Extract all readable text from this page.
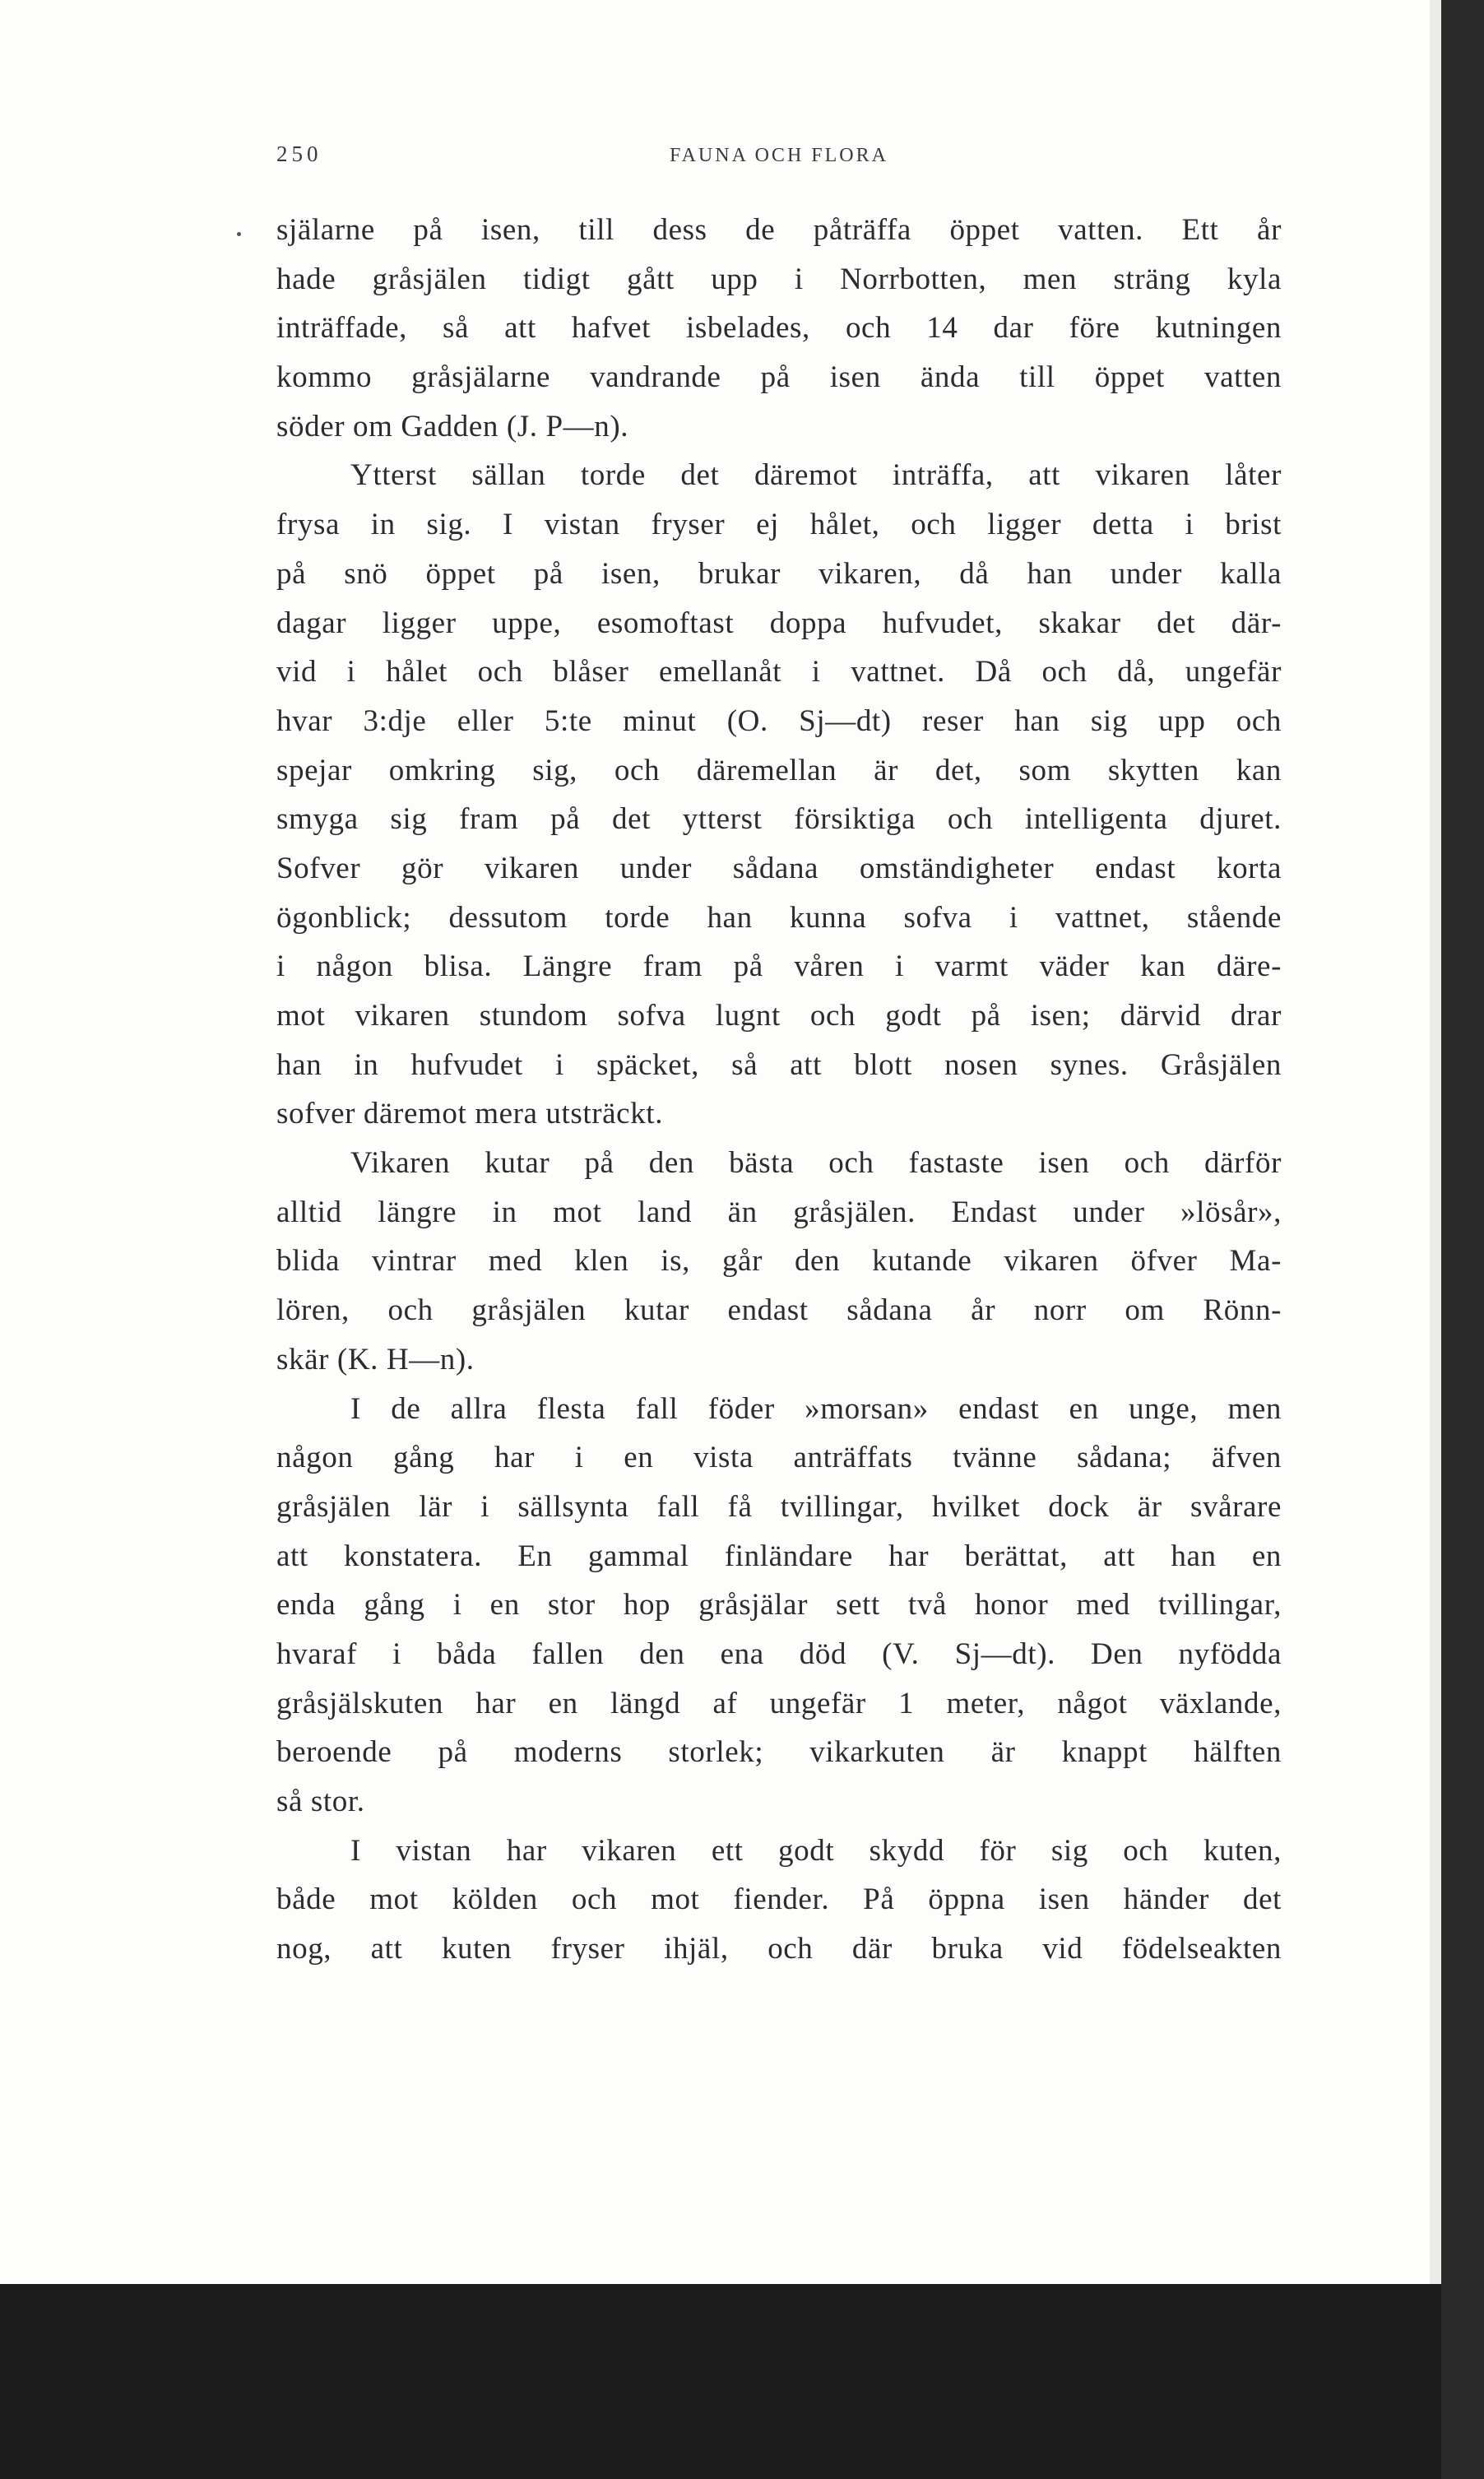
250	FAUNA OCH FLORA
själarne på isen, till dess de påträffa öppet vatten. Ett år
hade gråsjälen tidigt gått upp i Norrbotten, men sträng kyla
inträffade, så att hafvet isbelades, och 14 dar före kutningen
kommo gråsjälarne vandrande på isen ända till öppet vatten
söder om Gadden (J. P—n).
Ytterst sällan torde det däremot inträffa, att vikaren låter
frysa in sig. I vistan fryser ej hålet, och ligger detta i brist
på snö öppet på isen, brukar vikaren, då han under kalla
dagar ligger uppe, esomoftast doppa hufvudet, skakar det där-
vid i hålet och blåser emellanåt i vattnet. Då och då, ungefär
hvar 3:dje eller 5:te minut (O. Sj—dt) reser han sig upp och
spejar omkring sig, och däremellan är det, som skytten kan
smyga sig fram på det ytterst försiktiga och intelligenta djuret.
Sofver gör vikaren under sådana omständigheter endast korta
ögonblick; dessutom torde han kunna sofva i vattnet, stående
i någon blisa. Längre fram på våren i varmt väder kan däre-
mot vikaren stundom sofva lugnt och godt på isen; därvid drar
han in hufvudet i späcket, så att blott nosen synes. Gråsjälen
sofver däremot mera utsträckt.
Vikaren kutar på den bästa och fastaste isen och därför
alltid längre in mot land än gråsjälen. Endast under »lösår»,
blida vintrar med klen is, går den kutande vikaren öfver Ma-
lören, och gråsjälen kutar endast sådana år norr om Rönn-
skär (K. H—n).
I de allra flesta fall föder »morsan» endast en unge, men
någon gång har i en vista anträffats tvänne sådana; äfven
gråsjälen lär i sällsynta fall få tvillingar, hvilket dock är svårare
att konstatera. En gammal finländare har berättat, att han en
enda gång i en stor hop gråsjälar sett två honor med tvillingar,
hvaraf i båda fallen den ena död (V. Sj—dt). Den nyfödda
gråsjälskuten har en längd af ungefär 1 meter, något växlande,
beroende på moderns storlek; vikarkuten är knappt hälften
så stor.
I vistan har vikaren ett godt skydd för sig och kuten,
både mot kölden och mot fiender. På öppna isen händer det
nog, att kuten fryser ihjäl, och där bruka vid födelseakten
